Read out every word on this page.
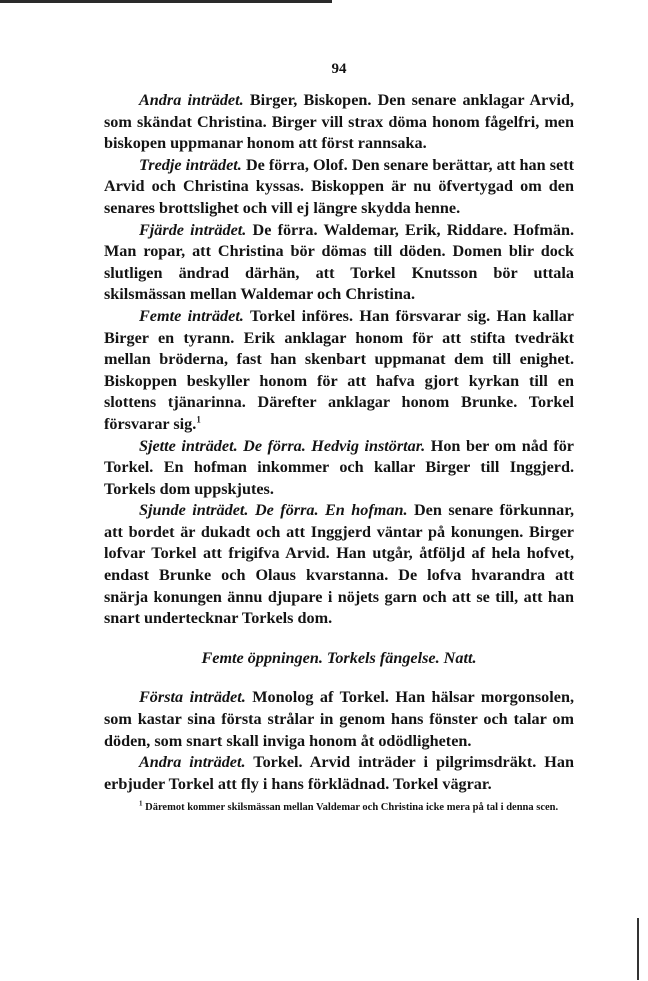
94

Andra inträdet. Birger, Biskopen. Den senare anklagar Arvid, som skändat Christina. Birger vill strax döma honom fågelfri, men biskopen uppmanar honom att först rannsaka.

Tredje inträdet. De förra, Olof. Den senare berättar, att han sett Arvid och Christina kyssas. Biskoppen är nu öfvertygad om den senares brottslighet och vill ej längre skydda henne.

Fjärde inträdet. De förra. Waldemar, Erik, Riddare. Hofmän. Man ropar, att Christina bör dömas till döden. Domen blir dock slutligen ändrad därhän, att Torkel Knutsson bör uttala skilsmässan mellan Waldemar och Christina.

Femte inträdet. Torkel införes. Han försvarar sig. Han kallar Birger en tyrann. Erik anklagar honom för att stifta tvedräkt mellan bröderna, fast han skenbart uppmanat dem till enighet. Biskoppen beskyller honom för att hafva gjort kyrkan till en slottens tjänarinna. Därefter anklagar honom Brunke. Torkel försvarar sig.$^1$

Sjette inträdet. De förra. Hedvig instörtar. Hon ber om nåd för Torkel. En hofman inkommer och kallar Birger till Inggjerd. Torkels dom uppskjutes.

Sjunde inträdet. De förra. En hofman. Den senare förkunnar, att bordet är dukadt och att Inggjerd väntar på konungen. Birger lofvar Torkel att frigifva Arvid. Han utgår, åtföljd af hela hofvet, endast Brunke och Olaus kvarstanna. De lofva hvarandra att snärja konungen ännu djupare i nöjets garn och att se till, att han snart undertecknar Torkels dom.

Femte öppningen. Torkels fängelse. Natt.

Första inträdet. Monolog af Torkel. Han hälsar morgonsolen, som kastar sina första strålar in genom hans fönster och talar om döden, som snart skall inviga honom åt odödligheten.

Andra inträdet. Torkel. Arvid inträder i pilgrimsdräkt. Han erbjuder Torkel att fly i hans förklädnad. Torkel vägrar.

$^1$ Däremot kommer skilsmässan mellan Valdemar och Christina icke mera på tal i denna scen.
